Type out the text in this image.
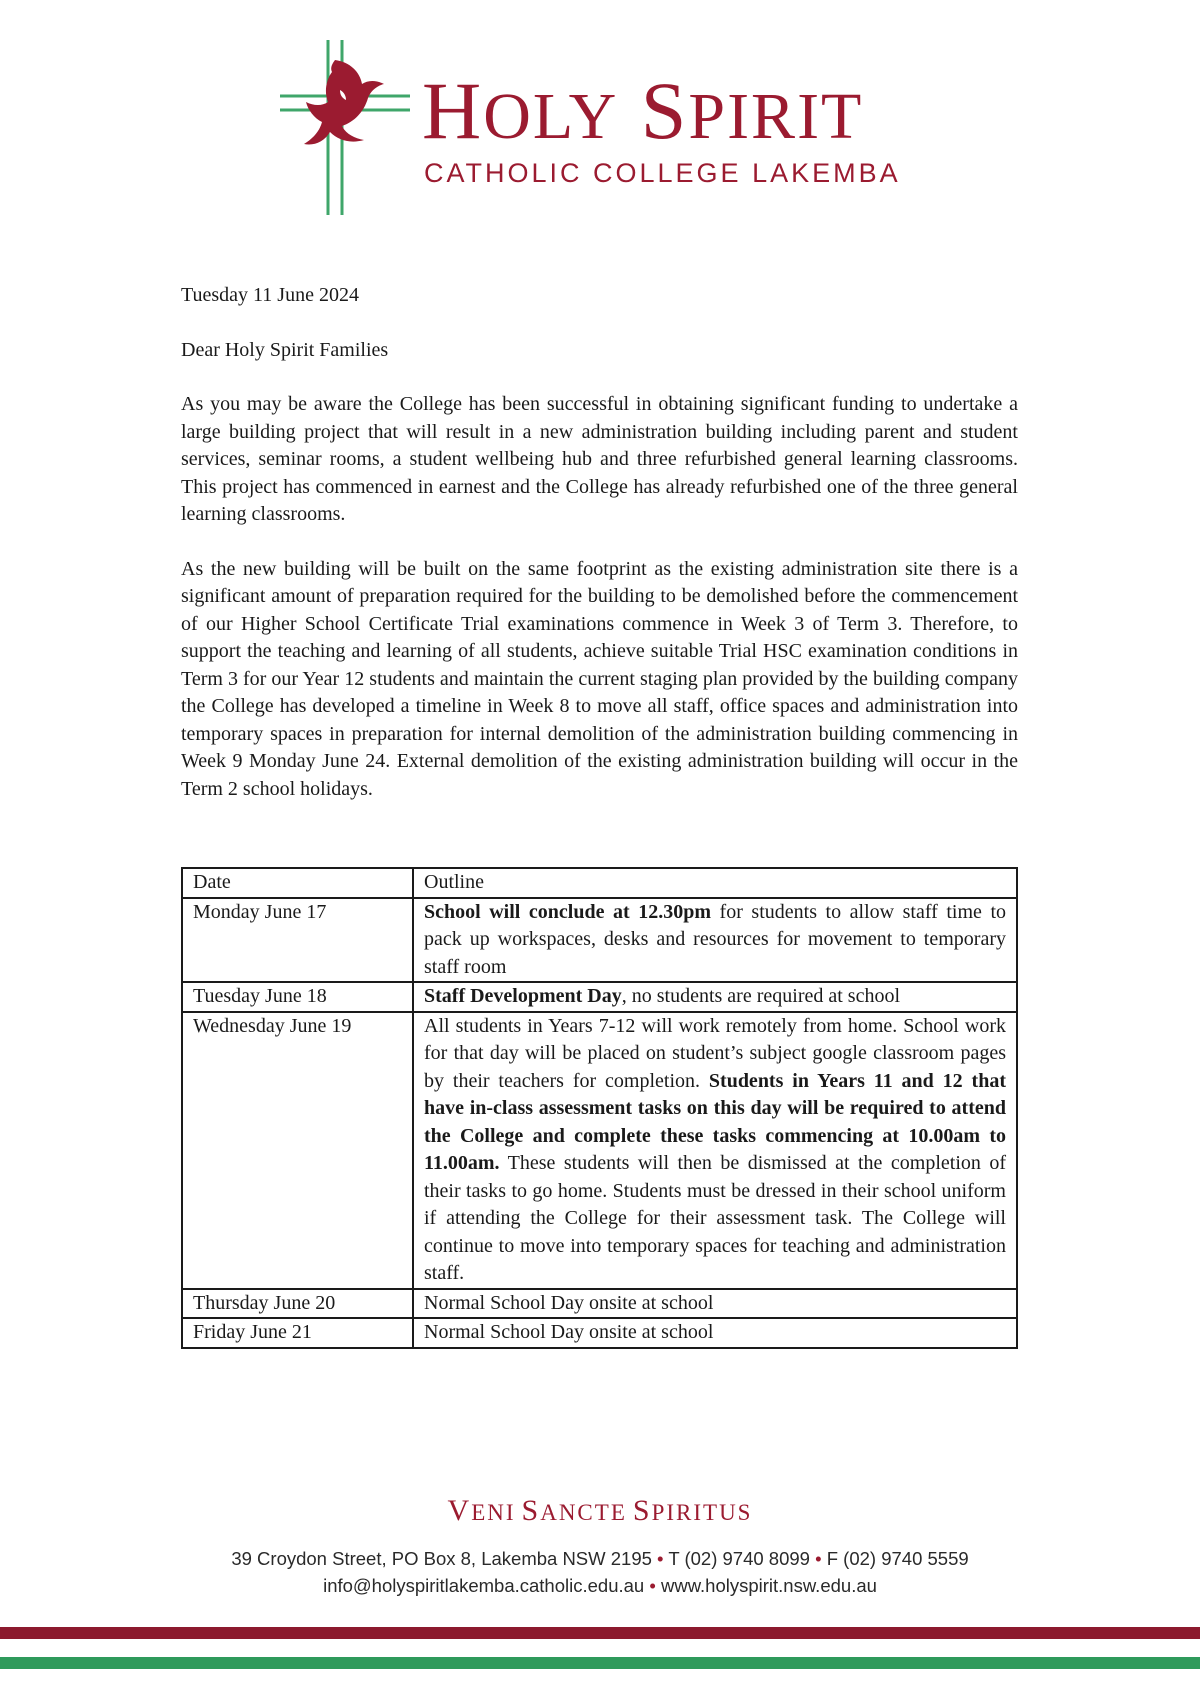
HOLY SPIRIT
CATHOLIC COLLEGE LAKEMBA

Tuesday 11 June 2024

Dear Holy Spirit Families

As you may be aware the College has been successful in obtaining significant funding to undertake a large building project that will result in a new administration building including parent and student services, seminar rooms, a student wellbeing hub and three refurbished general learning classrooms. This project has commenced in earnest and the College has already refurbished one of the three general learning classrooms.

As the new building will be built on the same footprint as the existing administration site there is a significant amount of preparation required for the building to be demolished before the commencement of our Higher School Certificate Trial examinations commence in Week 3 of Term 3. Therefore, to support the teaching and learning of all students, achieve suitable Trial HSC examination conditions in Term 3 for our Year 12 students and maintain the current staging plan provided by the building company the College has developed a timeline in Week 8 to move all staff, office spaces and administration into temporary spaces in preparation for internal demolition of the administration building commencing in Week 9 Monday June 24. External demolition of the existing administration building will occur in the Term 2 school holidays.

Date	Outline
Monday June 17	School will conclude at 12.30pm for students to allow staff time to pack up workspaces, desks and resources for movement to temporary staff room
Tuesday June 18	Staff Development Day, no students are required at school
Wednesday June 19	All students in Years 7-12 will work remotely from home. School work for that day will be placed on student’s subject google classroom pages by their teachers for completion. Students in Years 11 and 12 that have in-class assessment tasks on this day will be required to attend the College and complete these tasks commencing at 10.00am to 11.00am. These students will then be dismissed at the completion of their tasks to go home. Students must be dressed in their school uniform if attending the College for their assessment task. The College will continue to move into temporary spaces for teaching and administration staff.
Thursday June 20	Normal School Day onsite at school
Friday June 21	Normal School Day onsite at school
VENI SANCTE SPIRITUS
39 Croydon Street, PO Box 8, Lakemba NSW 2195 • T (02) 9740 8099 • F (02) 9740 5559
info@holyspiritlakemba.catholic.edu.au • www.holyspirit.nsw.edu.au
